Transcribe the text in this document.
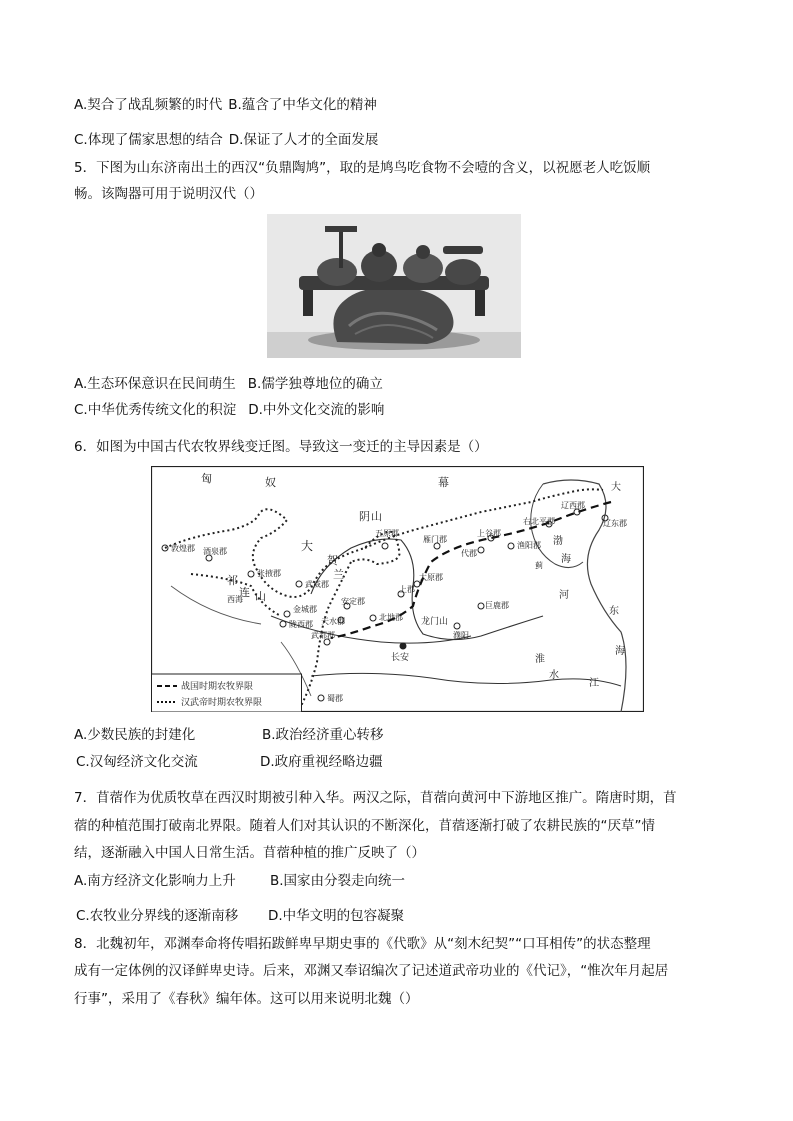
A.契合了战乱频繁的时代 B.蕴含了中华文化的精神
C.体现了儒家思想的结合 D.保证了人才的全面发展
5．下图为山东济南出土的西汉“负鼎陶鸠”，取的是鸠鸟吃食物不会噎的含义，以祝愿老人吃饭顺
畅。该陶器可用于说明汉代（）
A.生态环保意识在民间萌生 B.儒学独尊地位的确立
C.中华优秀传统文化的积淀 D.中外文化交流的影响
6．如图为中国古代农牧界线变迁图。导致这一变迁的主导因素是（）
匈	奴	幕
大
祁
连 山
阴 山
贺
兰
渤
海
东
海
河
淮
水
江
大
敦煌郡 酒泉郡
张掖郡
武威郡
金城郡
陇西郡 天水郡
安定郡
北地郡
武都郡
五原郡
雁门郡
代郡
上谷郡
渔阳郡
右北平郡
辽西郡
辽东郡
太原郡
上郡
巨鹿郡
濮阳
龙门山
长安
蜀郡
西海
蓟
战国时期农牧界限
汉武帝时期农牧界限
A.少数民族的封建化	B.政治经济重心转移
C.汉匈经济文化交流	D.政府重视经略边疆
7．苜蓿作为优质牧草在西汉时期被引种入华。两汉之际，苜蓿向黄河中下游地区推广。隋唐时期，苜
蓿的种植范围打破南北界限。随着人们对其认识的不断深化，苜蓿逐渐打破了农耕民族的“厌草”情
结，逐渐融入中国人日常生活。苜蓿种植的推广反映了（）
A.南方经济文化影响力上升	B.国家由分裂走向统一
C.农牧业分界线的逐渐南移 D.中华文明的包容凝聚
8．北魏初年，邓渊奉命将传唱拓跋鲜卑早期史事的《代歌》从“刻木纪契”“口耳相传”的状态整理
成有一定体例的汉译鲜卑史诗。后来，邓渊又奉诏编次了记述道武帝功业的《代记》，“惟次年月起居
行事”，采用了《春秋》编年体。这可以用来说明北魏（）
